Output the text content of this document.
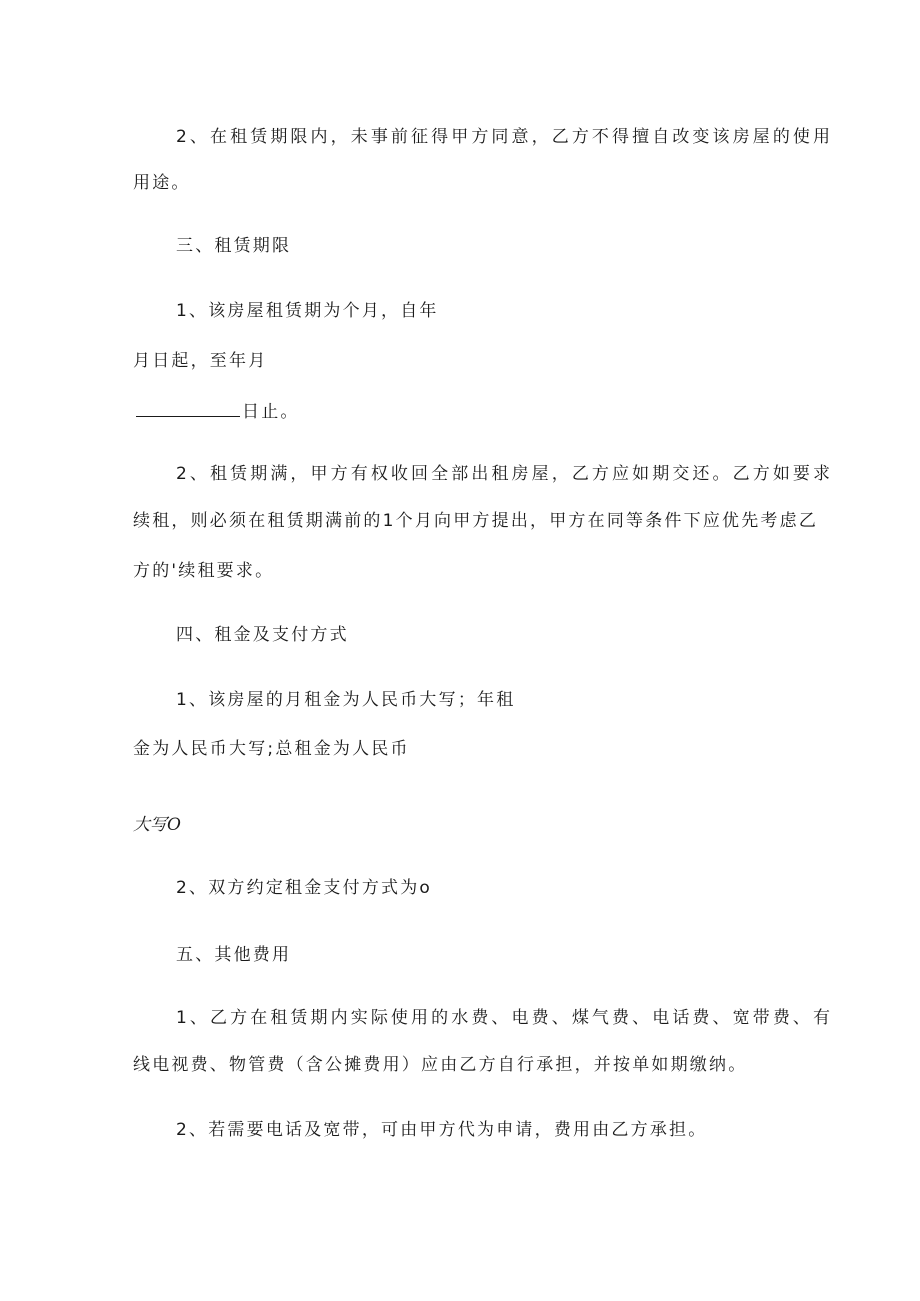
2、在租赁期限内，未事前征得甲方同意，乙方不得擅自改变该房屋的使用

用途。

三、租赁期限

1、该房屋租赁期为个月，自年

月日起，至年月

日止。

2、租赁期满，甲方有权收回全部出租房屋，乙方应如期交还。乙方如要求

续租，则必须在租赁期满前的1个月向甲方提出，甲方在同等条件下应优先考虑乙

方的'续租要求。

四、租金及支付方式

1、该房屋的月租金为人民币大写；年租

金为人民币大写;总租金为人民币

大写O

2、双方约定租金支付方式为o

五、其他费用

1、乙方在租赁期内实际使用的水费、电费、煤气费、电话费、宽带费、有

线电视费、物管费（含公摊费用）应由乙方自行承担，并按单如期缴纳。

2、若需要电话及宽带，可由甲方代为申请，费用由乙方承担。
